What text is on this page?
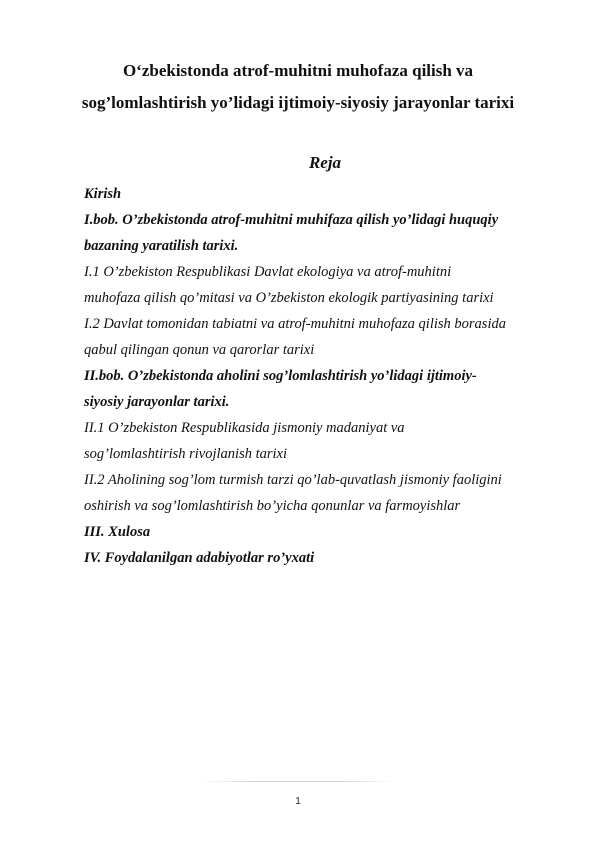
O‘zbekistonda atrof-muhitni muhofaza qilish va
sog’lomlashtirish yo’lidagi ijtimoiy-siyosiy jarayonlar tarixi
Reja
Kirish
I.bob. O’zbekistonda atrof-muhitni muhifaza qilish yo’lidagi huquqiy
bazaning yaratilish tarixi.
I.1 O’zbekiston Respublikasi Davlat ekologiya va atrof-muhitni
muhofaza qilish qo’mitasi va O’zbekiston ekologik partiyasining tarixi
I.2 Davlat tomonidan tabiatni va atrof-muhitni muhofaza qilish borasida
qabul qilingan qonun va qarorlar tarixi
II.bob. O’zbekistonda aholini sog’lomlashtirish yo’lidagi ijtimoiy-
siyosiy jarayonlar tarixi.
II.1 O’zbekiston Respublikasida jismoniy madaniyat va
sog’lomlashtirish rivojlanish tarixi
II.2 Aholining sog’lom turmish tarzi qo’lab-quvatlash jismoniy faoligini
oshirish va sog’lomlashtirish bo’yicha qonunlar va farmoyishlar
III. Xulosa
IV. Foydalanilgan adabiyotlar ro’yxati
1
